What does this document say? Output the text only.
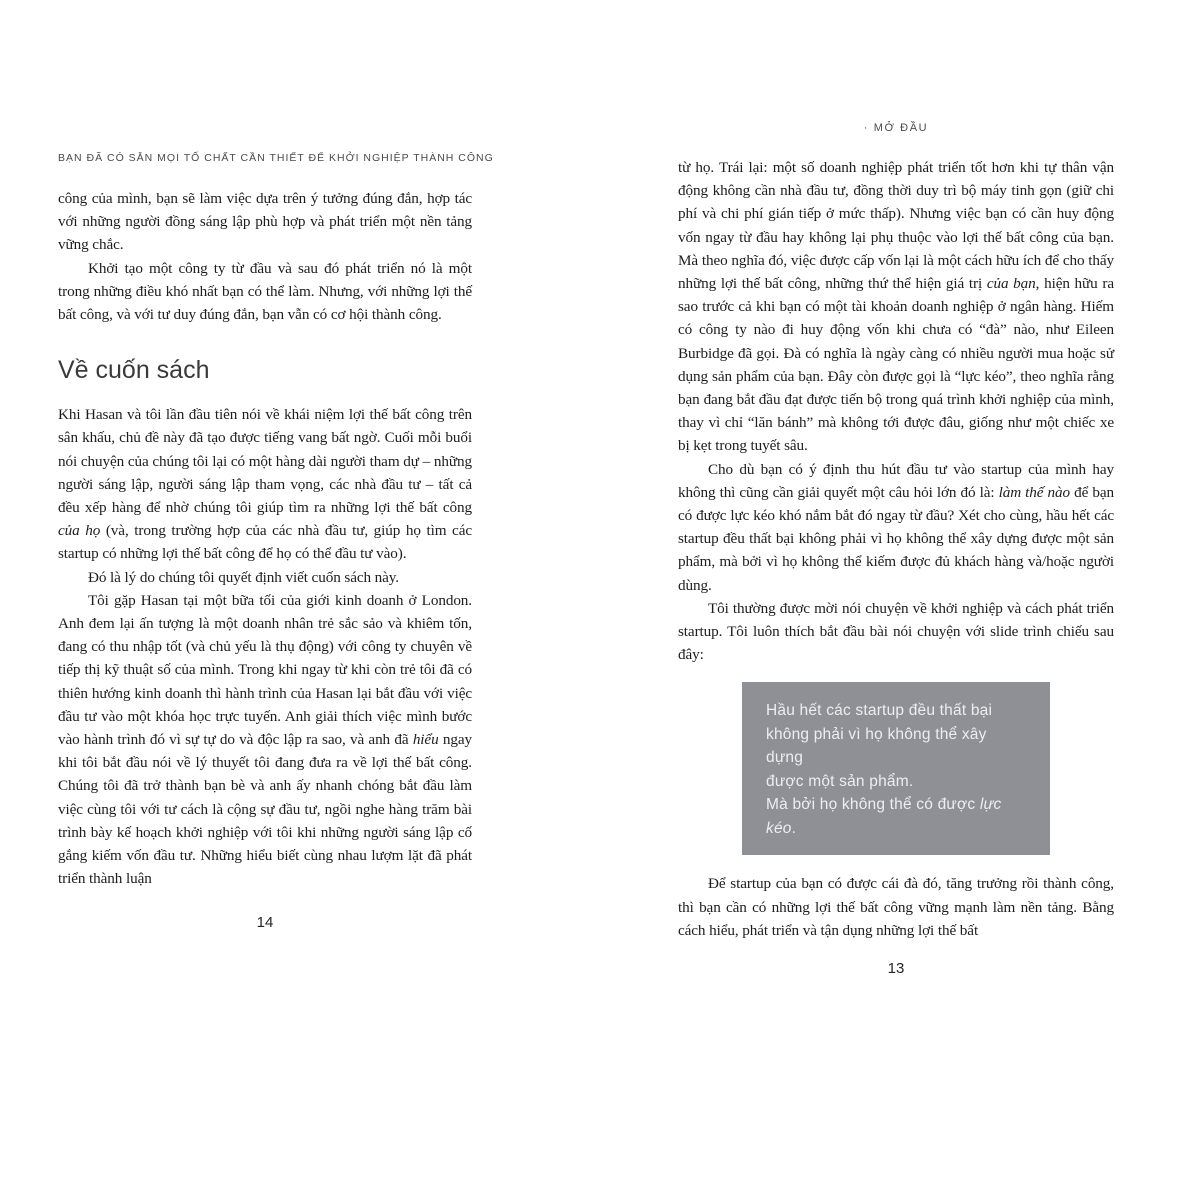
BẠN ĐÃ CÓ SẴN MỌI TỐ CHẤT CẦN THIẾT ĐỂ KHỞI NGHIỆP THÀNH CÔNG

công của mình, bạn sẽ làm việc dựa trên ý tưởng đúng đắn, hợp tác với những người đồng sáng lập phù hợp và phát triển một nền tảng vững chắc.

Khởi tạo một công ty từ đầu và sau đó phát triển nó là một trong những điều khó nhất bạn có thể làm. Nhưng, với những lợi thế bất công, và với tư duy đúng đắn, bạn vẫn có cơ hội thành công.

Về cuốn sách

Khi Hasan và tôi lần đầu tiên nói về khái niệm lợi thế bất công trên sân khấu, chủ đề này đã tạo được tiếng vang bất ngờ. Cuối mỗi buổi nói chuyện của chúng tôi lại có một hàng dài người tham dự – những người sáng lập, người sáng lập tham vọng, các nhà đầu tư – tất cả đều xếp hàng để nhờ chúng tôi giúp tìm ra những lợi thế bất công của họ (và, trong trường hợp của các nhà đầu tư, giúp họ tìm các startup có những lợi thế bất công để họ có thể đầu tư vào).

Đó là lý do chúng tôi quyết định viết cuốn sách này.

Tôi gặp Hasan tại một bữa tối của giới kinh doanh ở London. Anh đem lại ấn tượng là một doanh nhân trẻ sắc sảo và khiêm tốn, đang có thu nhập tốt (và chủ yếu là thụ động) với công ty chuyên về tiếp thị kỹ thuật số của mình. Trong khi ngay từ khi còn trẻ tôi đã có thiên hướng kinh doanh thì hành trình của Hasan lại bắt đầu với việc đầu tư vào một khóa học trực tuyến. Anh giải thích việc mình bước vào hành trình đó vì sự tự do và độc lập ra sao, và anh đã hiểu ngay khi tôi bắt đầu nói về lý thuyết tôi đang đưa ra về lợi thế bất công. Chúng tôi đã trở thành bạn bè và anh ấy nhanh chóng bắt đầu làm việc cùng tôi với tư cách là cộng sự đầu tư, ngồi nghe hàng trăm bài trình bày kế hoạch khởi nghiệp với tôi khi những người sáng lập cố gắng kiếm vốn đầu tư. Những hiểu biết cùng nhau lượm lặt đã phát triển thành luận

14
· MỞ ĐẦU

từ họ. Trái lại: một số doanh nghiệp phát triển tốt hơn khi tự thân vận động không cần nhà đầu tư, đồng thời duy trì bộ máy tinh gọn (giữ chi phí và chi phí gián tiếp ở mức thấp). Nhưng việc bạn có cần huy động vốn ngay từ đầu hay không lại phụ thuộc vào lợi thế bất công của bạn. Mà theo nghĩa đó, việc được cấp vốn lại là một cách hữu ích để cho thấy những lợi thế bất công, những thứ thể hiện giá trị của bạn, hiện hữu ra sao trước cả khi bạn có một tài khoản doanh nghiệp ở ngân hàng. Hiếm có công ty nào đi huy động vốn khi chưa có “đà” nào, như Eileen Burbidge đã gọi. Đà có nghĩa là ngày càng có nhiều người mua hoặc sử dụng sản phẩm của bạn. Đây còn được gọi là “lực kéo”, theo nghĩa rằng bạn đang bắt đầu đạt được tiến bộ trong quá trình khởi nghiệp của mình, thay vì chỉ “lăn bánh” mà không tới được đâu, giống như một chiếc xe bị kẹt trong tuyết sâu.

Cho dù bạn có ý định thu hút đầu tư vào startup của mình hay không thì cũng cần giải quyết một câu hỏi lớn đó là: làm thế nào để bạn có được lực kéo khó nắm bắt đó ngay từ đầu? Xét cho cùng, hầu hết các startup đều thất bại không phải vì họ không thể xây dựng được một sản phẩm, mà bởi vì họ không thể kiếm được đủ khách hàng và/hoặc người dùng.

Tôi thường được mời nói chuyện về khởi nghiệp và cách phát triển startup. Tôi luôn thích bắt đầu bài nói chuyện với slide trình chiếu sau đây:

Hầu hết các startup đều thất bại

không phải vì họ không thể xây dựng

được một sản phẩm.

Mà bởi họ không thể có được lực kéo.

Để startup của bạn có được cái đà đó, tăng trưởng rồi thành công, thì bạn cần có những lợi thế bất công vững mạnh làm nền tảng. Bằng cách hiểu, phát triển và tận dụng những lợi thế bất

13
